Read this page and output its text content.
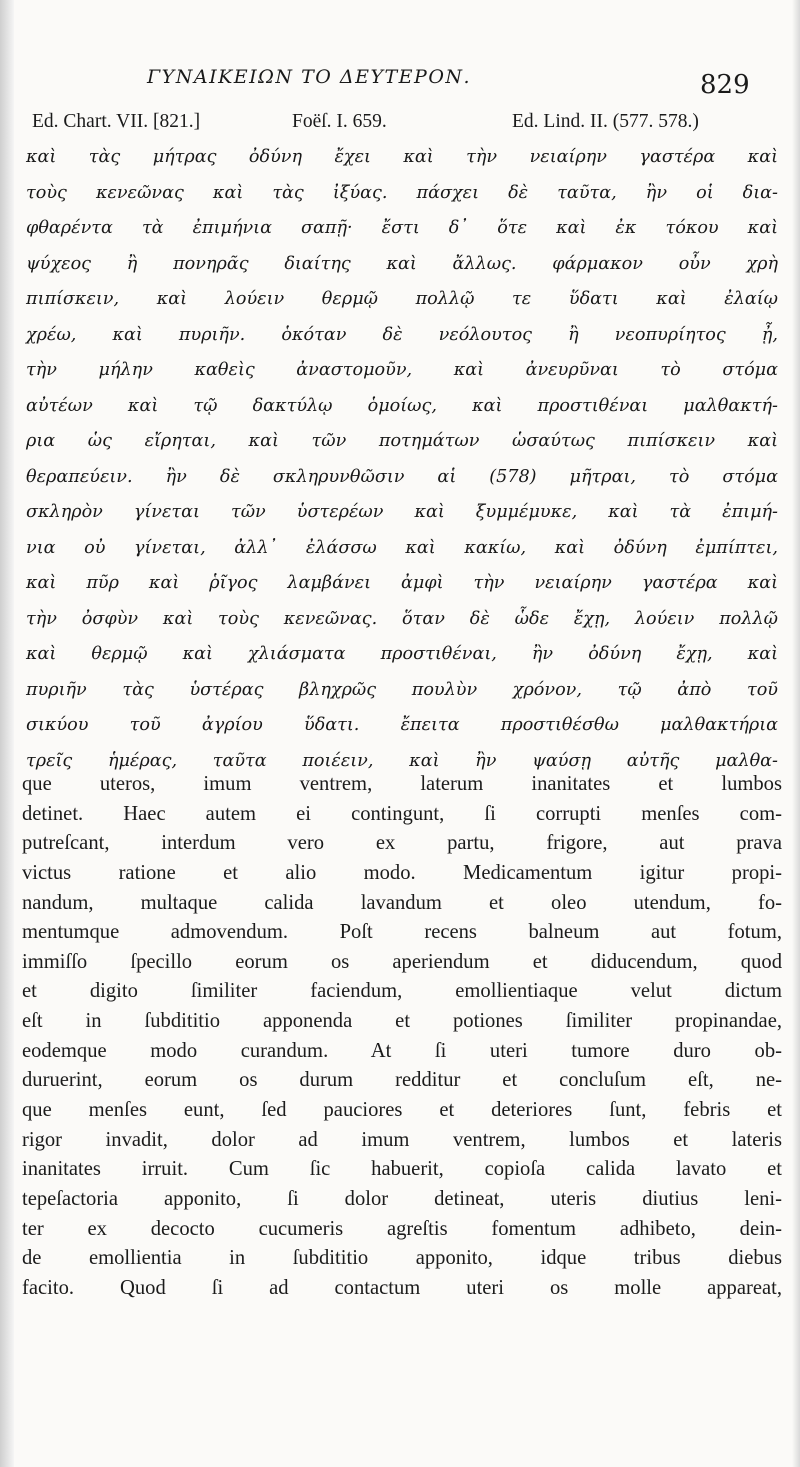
ΓΥΝΑΙΚΕΙΩΝ ΤΟ ΔΕΥΤΕΡΟΝ.	829
Ed. Chart. VII. [821.]	Foëſ. I. 659.	Ed. Lind. II. (577. 578.)
καὶ τὰς μήτρας ὀδύνη ἔχει καὶ τὴν νειαίρην γαστέρα καὶ
τοὺς κενεῶνας καὶ τὰς ἰξύας. πάσχει δὲ ταῦτα, ἢν οἱ δια-
φθαρέντα τὰ ἐπιμήνια σαπῇ· ἔστι δ᾽ ὅτε καὶ ἐκ τόκου καὶ
ψύχεος ἢ πονηρᾶς διαίτης καὶ ἄλλως. φάρμακον οὖν χρὴ
πιπίσκειν, καὶ λούειν θερμῷ πολλῷ τε ὕδατι καὶ ἐλαίῳ
χρέω, καὶ πυριῆν. ὁκόταν δὲ νεόλουτος ἢ νεοπυρίητος ᾖ,
τὴν μήλην καθεὶς ἀναστομοῦν, καὶ ἀνευρῦναι τὸ στόμα
αὐτέων καὶ τῷ δακτύλῳ ὁμοίως, καὶ προστιθέναι μαλθακτή-
ρια ὡς εἴρηται, καὶ τῶν ποτημάτων ὡσαύτως πιπίσκειν καὶ
θεραπεύειν. ἢν δὲ σκληρυνθῶσιν αἱ (578) μῆτραι, τὸ στόμα
σκληρὸν γίνεται τῶν ὑστερέων καὶ ξυμμέμυκε, καὶ τὰ ἐπιμή-
νια οὐ γίνεται, ἀλλ᾽ ἐλάσσω καὶ κακίω, καὶ ὀδύνη ἐμπίπτει,
καὶ πῦρ καὶ ῥῖγος λαμβάνει ἀμφὶ τὴν νειαίρην γαστέρα καὶ
τὴν ὀσφὺν καὶ τοὺς κενεῶνας. ὅταν δὲ ὧδε ἔχῃ, λούειν πολλῷ
καὶ θερμῷ καὶ χλιάσματα προστιθέναι, ἢν ὀδύνη ἔχῃ, καὶ
πυριῆν τὰς ὑστέρας βληχρῶς πουλὺν χρόνον, τῷ ἀπὸ τοῦ
σικύου τοῦ ἀγρίου ὕδατι. ἔπειτα προστιθέσθω μαλθακτήρια
τρεῖς ἡμέρας, ταῦτα ποιέειν, καὶ ἢν ψαύσῃ αὐτῆς μαλθα-
que uteros, imum ventrem, laterum inanitates et lumbos
detinet. Haec autem ei contingunt, ſi corrupti menſes com-
putreſcant, interdum vero ex partu, frigore, aut prava
victus ratione et alio modo. Medicamentum igitur propi-
nandum, multaque calida lavandum et oleo utendum, fo-
mentumque admovendum. Poſt recens balneum aut fotum,
immiſſo ſpecillo eorum os aperiendum et diducendum, quod
et digito ſimiliter faciendum, emollientiaque velut dictum
eſt in ſubdititio apponenda et potiones ſimiliter propinandae,
eodemque modo curandum. At ſi uteri tumore duro ob-
duruerint, eorum os durum redditur et concluſum eſt, ne-
que menſes eunt, ſed pauciores et deteriores ſunt, febris et
rigor invadit, dolor ad imum ventrem, lumbos et lateris
inanitates irruit. Cum ſic habuerit, copioſa calida lavato et
tepeſactoria apponito, ſi dolor detineat, uteris diutius leni-
ter ex decocto cucumeris agreſtis fomentum adhibeto, dein-
de emollientia in ſubdititio apponito, idque tribus diebus
facito. Quod ſi ad contactum uteri os molle appareat,
